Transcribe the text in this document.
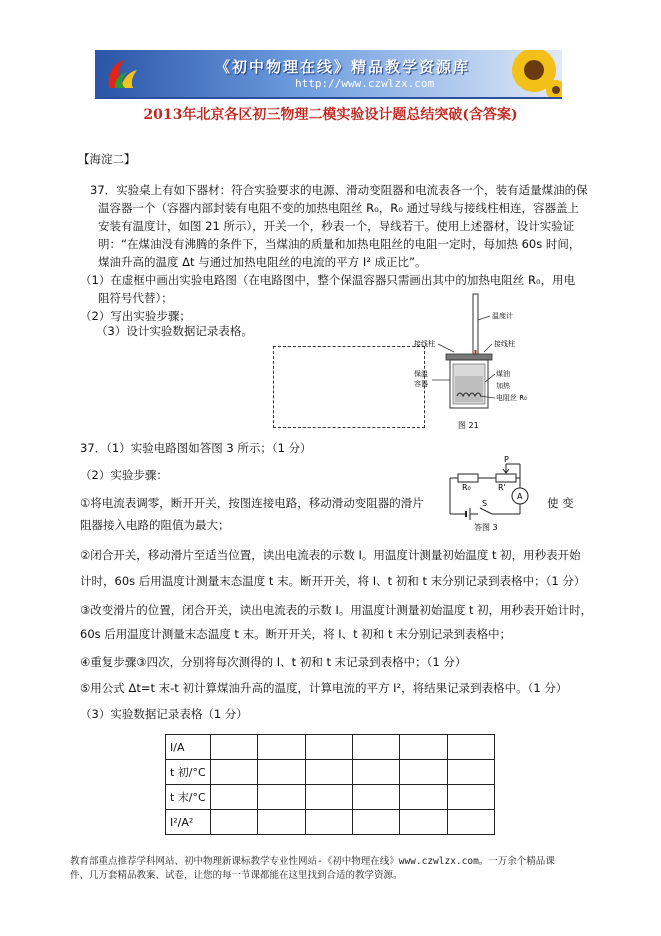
《初中物理在线》精品教学资源库
http://www.czwlzx.com
2013年北京各区初三物理二模实验设计题总结突破(含答案)
【海淀二】
37．实验桌上有如下器材：符合实验要求的电源、滑动变阻器和电流表各一个，装有适量煤油的保
温容器一个（容器内部封装有电阻不变的加热电阻丝 R₀，R₀ 通过导线与接线柱相连，容器盖上
安装有温度计，如图 21 所示），开关一个，秒表一个，导线若干。使用上述器材，设计实验证
明：“在煤油没有沸腾的条件下，当煤油的质量和加热电阻丝的电阻一定时，每加热 60s 时间，
煤油升高的温度 Δt 与通过加热电阻丝的电流的平方 I² 成正比”。
（1）在虚框中画出实验电路图（在电路图中，整个保温容器只需画出其中的加热电阻丝 R₀，用电
阻符号代替）；
（2）写出实验步骤；
（3）设计实验数据记录表格。
温度计
接线柱	接线柱
保温
容器
煤油
加热
电阻丝 R₀
图 21
37．（1）实验电路图如答图 3 所示；（1 分）
（2）实验步骤：
①将电流表调零，断开开关，按图连接电路，移动滑动变阻器的滑片	使 变
阻器接入电路的阻值为最大；
②闭合开关，移动滑片至适当位置，读出电流表的示数 I。用温度计测量初始温度 t 初，用秒表开始
计时，60s 后用温度计测量末态温度 t 末。断开开关，将 I、t 初和 t 末分别记录到表格中；（1 分）
③改变滑片的位置，闭合开关，读出电流表的示数 I。用温度计测量初始温度 t 初，用秒表开始计时，
60s 后用温度计测量末态温度 t 末。断开开关，将 I、t 初和 t 末分别记录到表格中；
④重复步骤③四次，分别将每次测得的 I、t 初和 t 末记录到表格中；（1 分）
⑤用公式 Δt=t 末-t 初计算煤油升高的温度，计算电流的平方 I²，将结果记录到表格中。（1 分）
（3）实验数据记录表格（1 分）
P
R₀	R'
A
S
答图 3
I/A						
t 初/°C						
t 末/°C						
I²/A²						
教育部重点推荐学科网站、初中物理新课标教学专业性网站-《初中物理在线》www.czwlzx.com。一万余个精品课
件、几万套精品教案、试卷，让您的每一节课都能在这里找到合适的教学资源。
